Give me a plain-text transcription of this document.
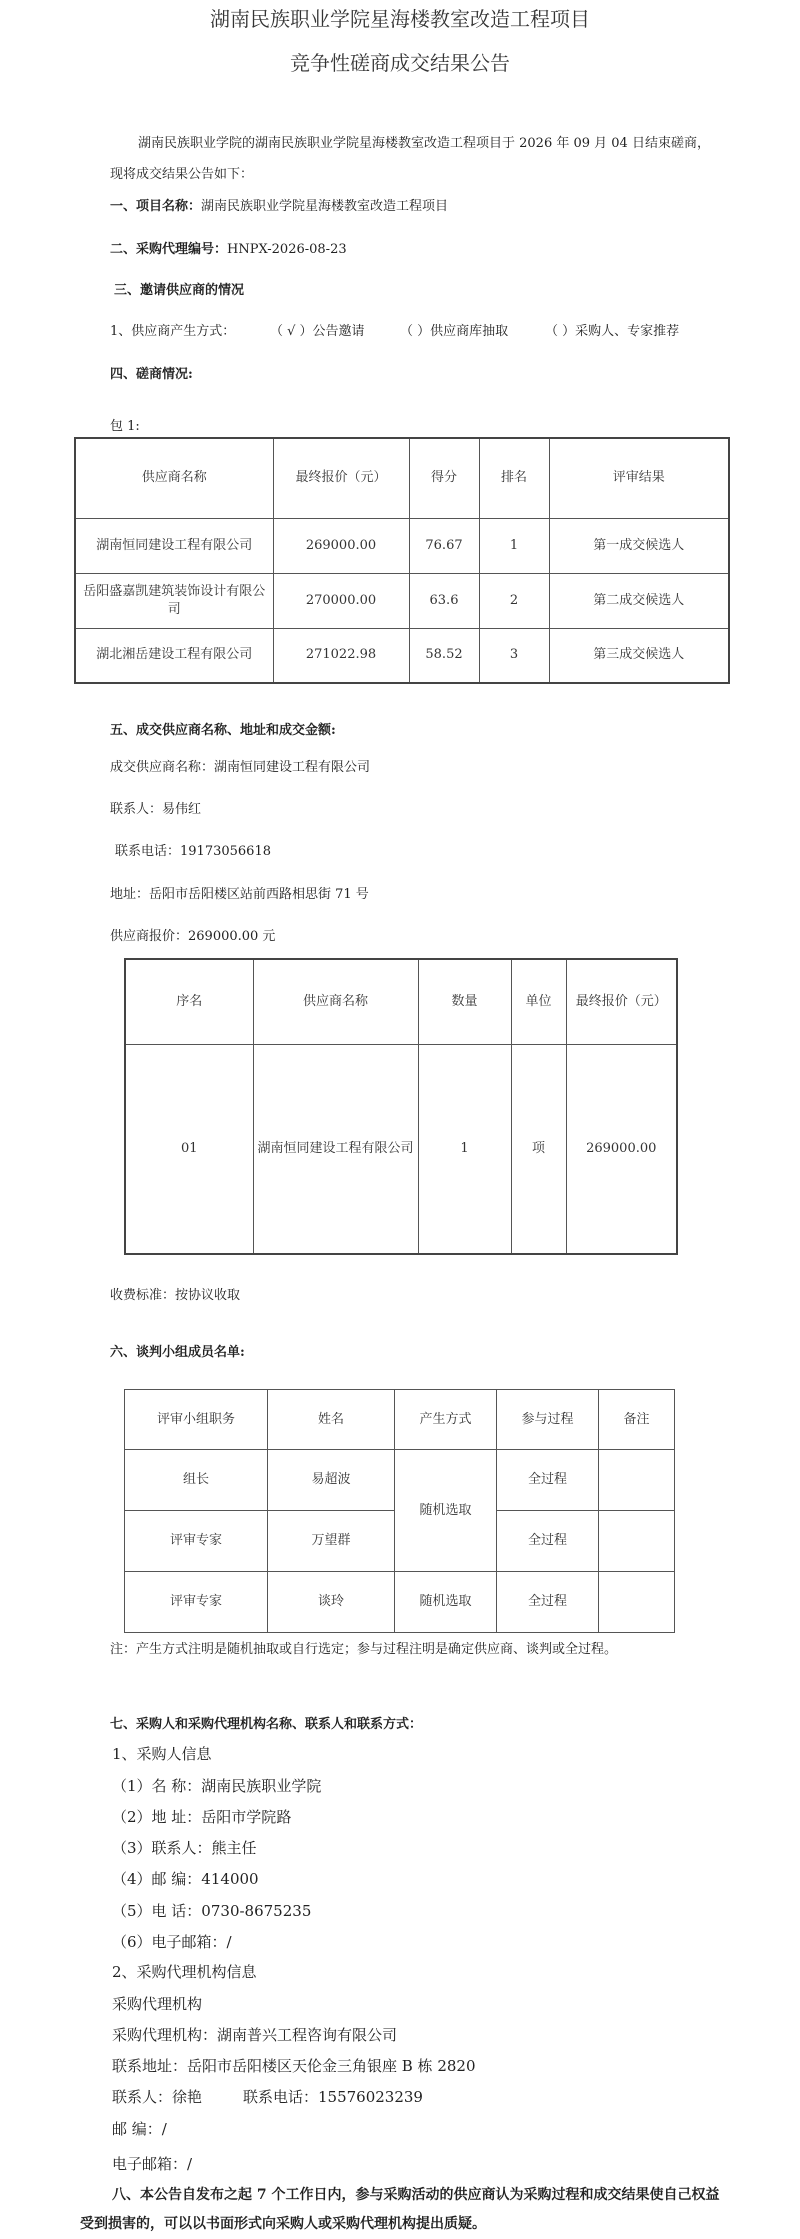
湖南民族职业学院星海楼教室改造工程项目
竞争性磋商成交结果公告
湖南民族职业学院的湖南民族职业学院星海楼教室改造工程项目于 2026 年 09 月 04 日结束磋商，
现将成交结果公告如下：
一、项目名称：湖南民族职业学院星海楼教室改造工程项目
二、采购代理编号：HNPX-2026-08-23
三、邀请供应商的情况
1、供应商产生方式：	（ √ ）公告邀请	（ ）供应商库抽取	（ ）采购人、专家推荐
四、磋商情况:
包 1:
供应商名称	最终报价（元）	得分	排名	评审结果
湖南恒同建设工程有限公司	269000.00	76.67	1	第一成交候选人
岳阳盛嘉凯建筑装饰设计有限公司	270000.00	63.6	2	第二成交候选人
湖北湘岳建设工程有限公司	271022.98	58.52	3	第三成交候选人
五、成交供应商名称、地址和成交金额:
成交供应商名称：湖南恒同建设工程有限公司
联系人：易伟红
联系电话：19173056618
地址：岳阳市岳阳楼区站前西路相思街 71 号
供应商报价：269000.00 元
序名	供应商名称	数量	单位	最终报价（元）
01	湖南恒同建设工程有限公司	1	项	269000.00
收费标准：按协议收取
六、谈判小组成员名单:
评审小组职务	姓名	产生方式	参与过程	备注
组长	易超波	随机选取	全过程	
评审专家	万望群		全过程	
评审专家	谈玲	随机选取	全过程	
注：产生方式注明是随机抽取或自行选定；参与过程注明是确定供应商、谈判或全过程。
七、采购人和采购代理机构名称、联系人和联系方式：
1、采购人信息
（1）名 称：湖南民族职业学院
（2）地 址：岳阳市学院路
（3）联系人：熊主任
（4）邮 编：414000
（5）电 话：0730-8675235
（6）电子邮箱：/
2、采购代理机构信息
采购代理机构
采购代理机构：湖南普兴工程咨询有限公司
联系地址：岳阳市岳阳楼区天伦金三角银座 B 栋 2820
联系人：徐艳	联系电话：15576023239
邮 编：/
电子邮箱：/
八、本公告自发布之起 7 个工作日内，参与采购活动的供应商认为采购过程和成交结果使自己权益
受到损害的，可以以书面形式向采购人或采购代理机构提出质疑。
